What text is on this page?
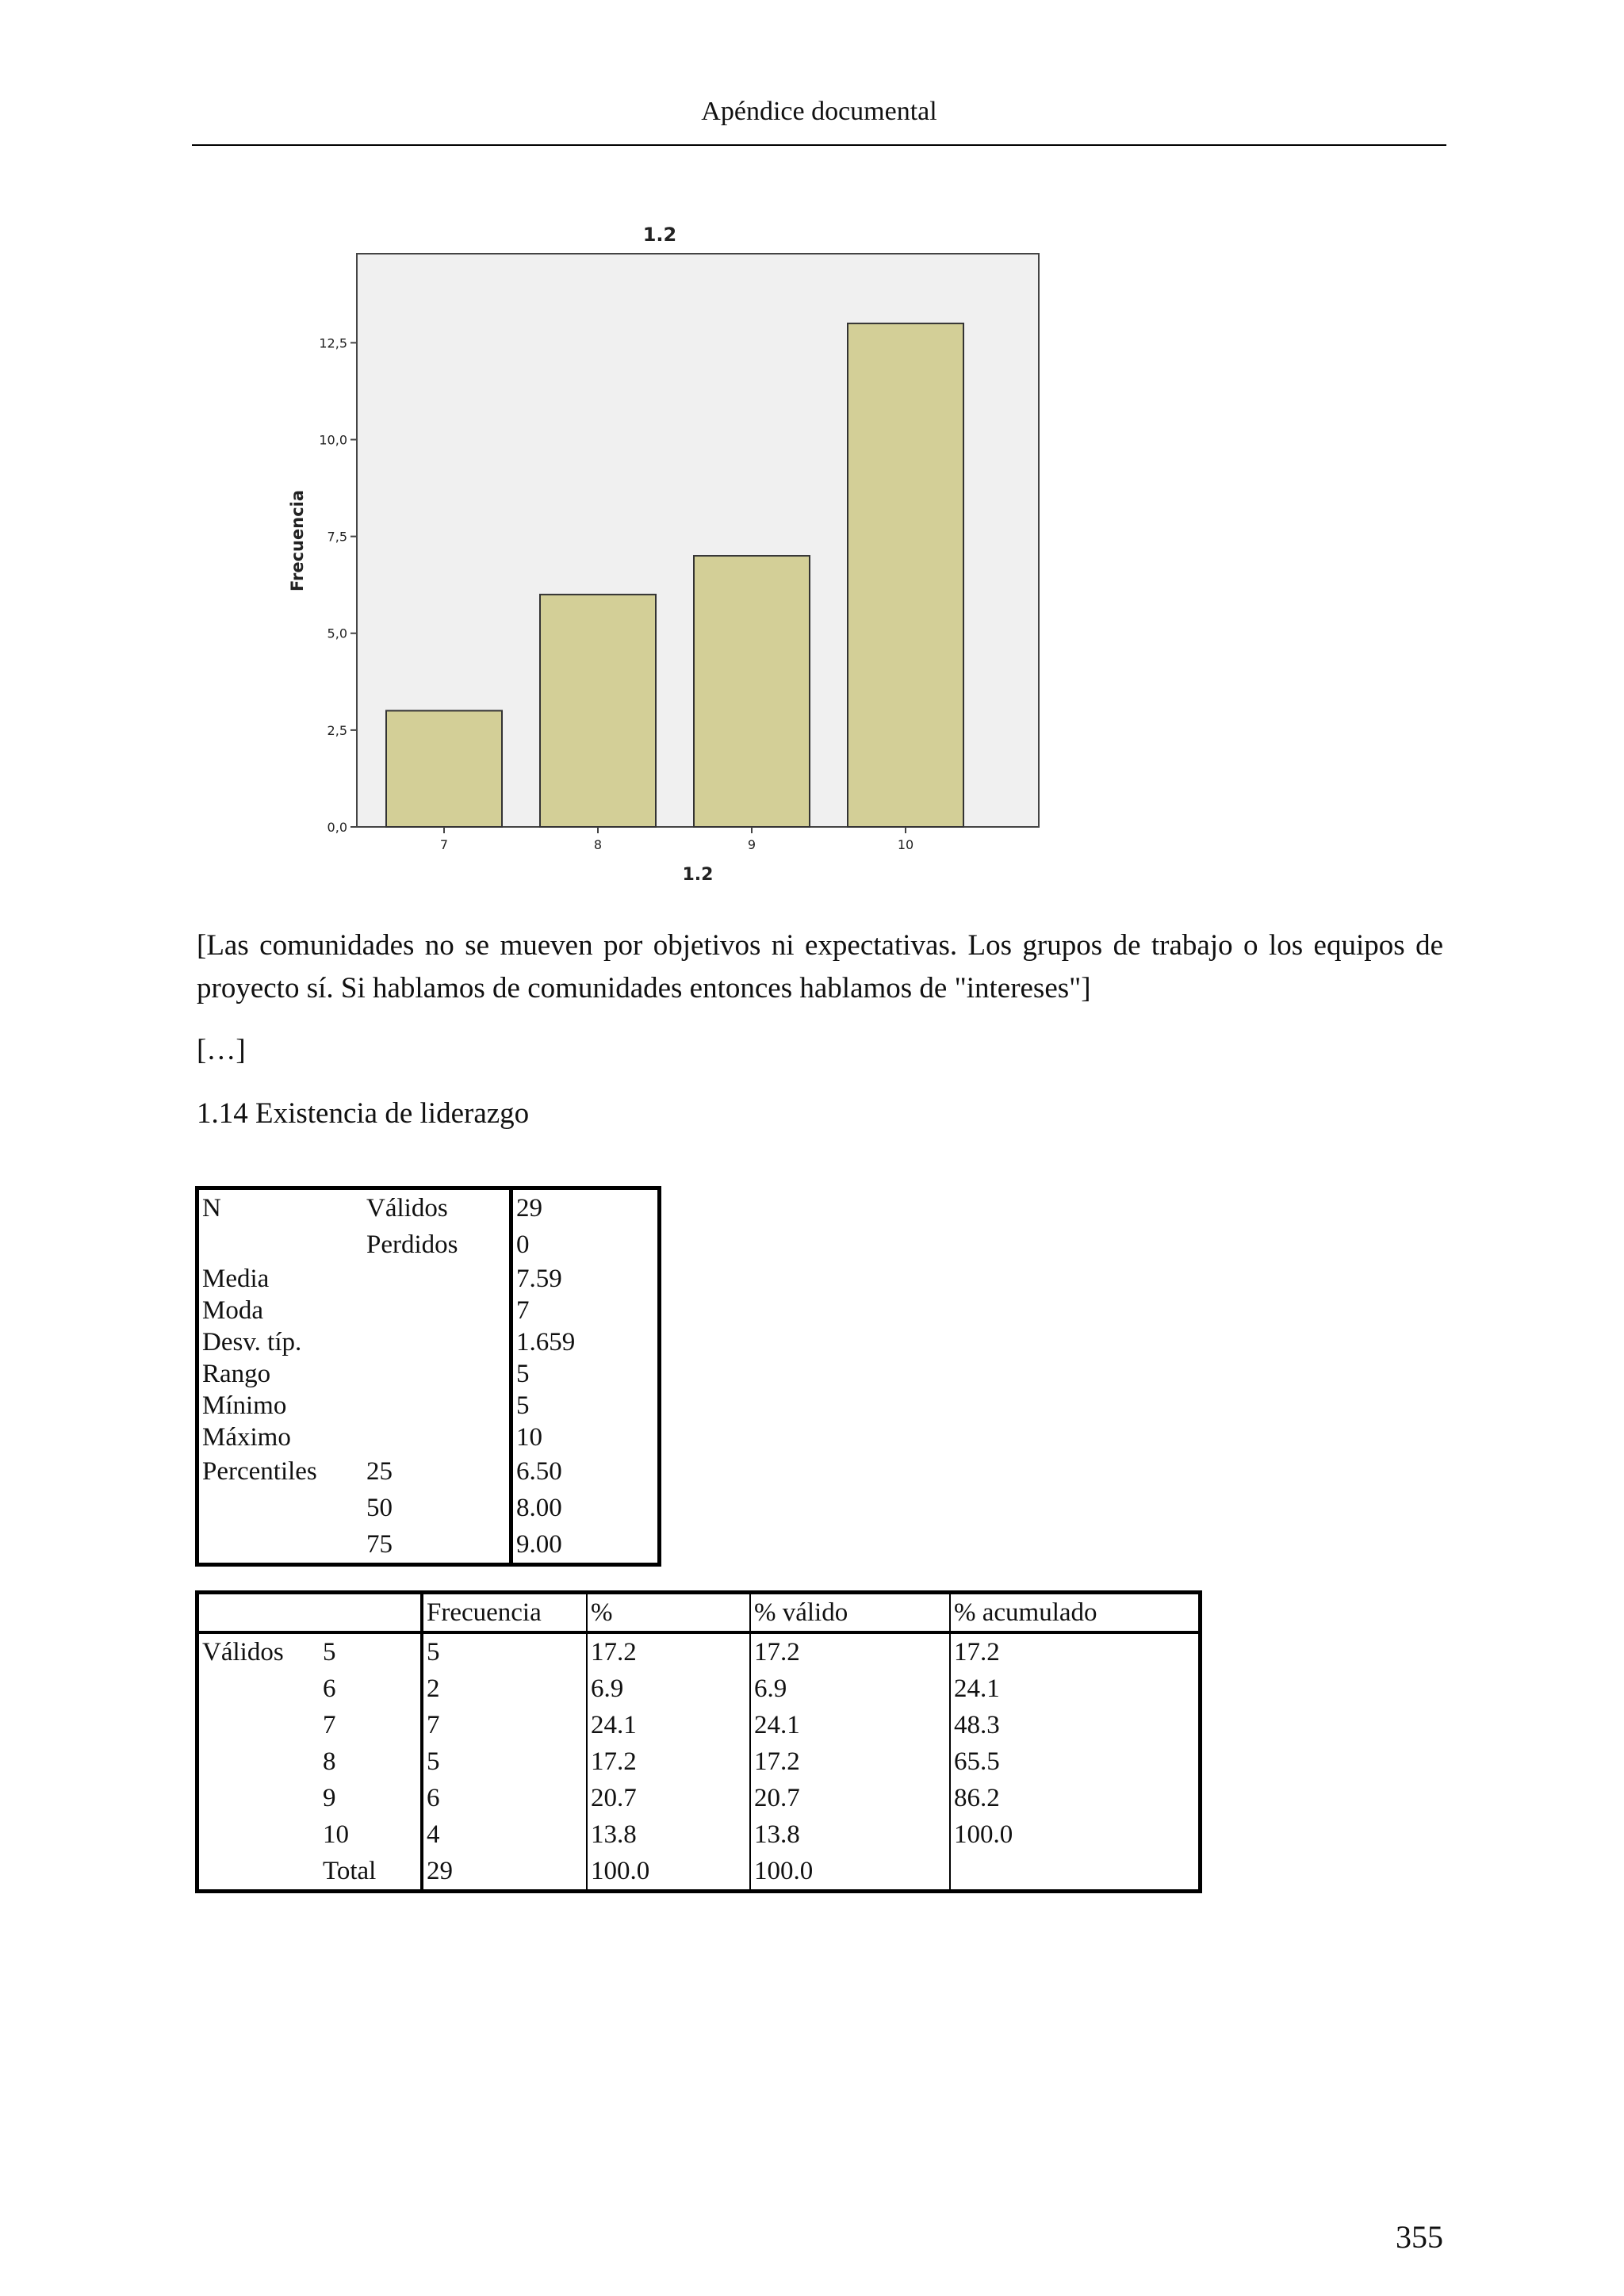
Apéndice documental
1.2
0,0
2,5
5,0
7,5
10,0
12,5
7	8	9	10
Frecuencia
1.2
[Las comunidades no se mueven por objetivos ni expectativas. Los grupos de trabajo o los equipos de
proyecto sí. Si hablamos de comunidades entonces hablamos de "intereses"]
[…]
1.14 Existencia de liderazgo
N	Válidos	29
	Perdidos	0
Media		7.59
Moda		7
Desv. típ.		1.659
Rango		5
Mínimo		5
Máximo		10
Percentiles	25	6.50
	50	8.00
	75	9.00
		Frecuencia	%	% válido	% acumulado
Válidos	5	5	17.2	17.2	17.2
	6	2	6.9	6.9	24.1
	7	7	24.1	24.1	48.3
	8	5	17.2	17.2	65.5
	9	6	20.7	20.7	86.2
	10	4	13.8	13.8	100.0
	Total	29	100.0	100.0	
355
